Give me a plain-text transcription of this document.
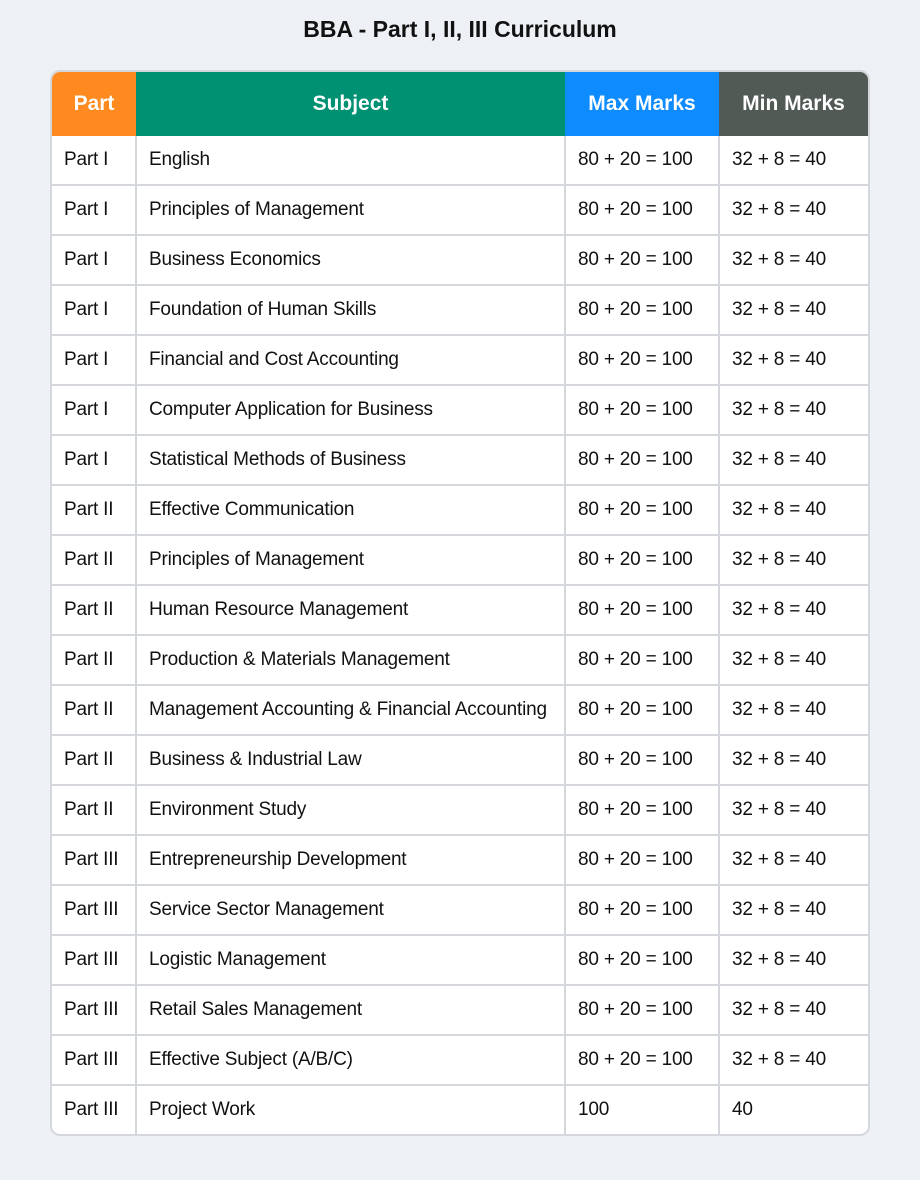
BBA - Part I, II, III Curriculum
Part	Subject	Max Marks	Min Marks
Part I	English	80 + 20 = 100	32 + 8 = 40
Part I	Principles of Management	80 + 20 = 100	32 + 8 = 40
Part I	Business Economics	80 + 20 = 100	32 + 8 = 40
Part I	Foundation of Human Skills	80 + 20 = 100	32 + 8 = 40
Part I	Financial and Cost Accounting	80 + 20 = 100	32 + 8 = 40
Part I	Computer Application for Business	80 + 20 = 100	32 + 8 = 40
Part I	Statistical Methods of Business	80 + 20 = 100	32 + 8 = 40
Part II	Effective Communication	80 + 20 = 100	32 + 8 = 40
Part II	Principles of Management	80 + 20 = 100	32 + 8 = 40
Part II	Human Resource Management	80 + 20 = 100	32 + 8 = 40
Part II	Production & Materials Management	80 + 20 = 100	32 + 8 = 40
Part II	Management Accounting & Financial Accounting	80 + 20 = 100	32 + 8 = 40
Part II	Business & Industrial Law	80 + 20 = 100	32 + 8 = 40
Part II	Environment Study	80 + 20 = 100	32 + 8 = 40
Part III	Entrepreneurship Development	80 + 20 = 100	32 + 8 = 40
Part III	Service Sector Management	80 + 20 = 100	32 + 8 = 40
Part III	Logistic Management	80 + 20 = 100	32 + 8 = 40
Part III	Retail Sales Management	80 + 20 = 100	32 + 8 = 40
Part III	Effective Subject (A/B/C)	80 + 20 = 100	32 + 8 = 40
Part III	Project Work	100	40
